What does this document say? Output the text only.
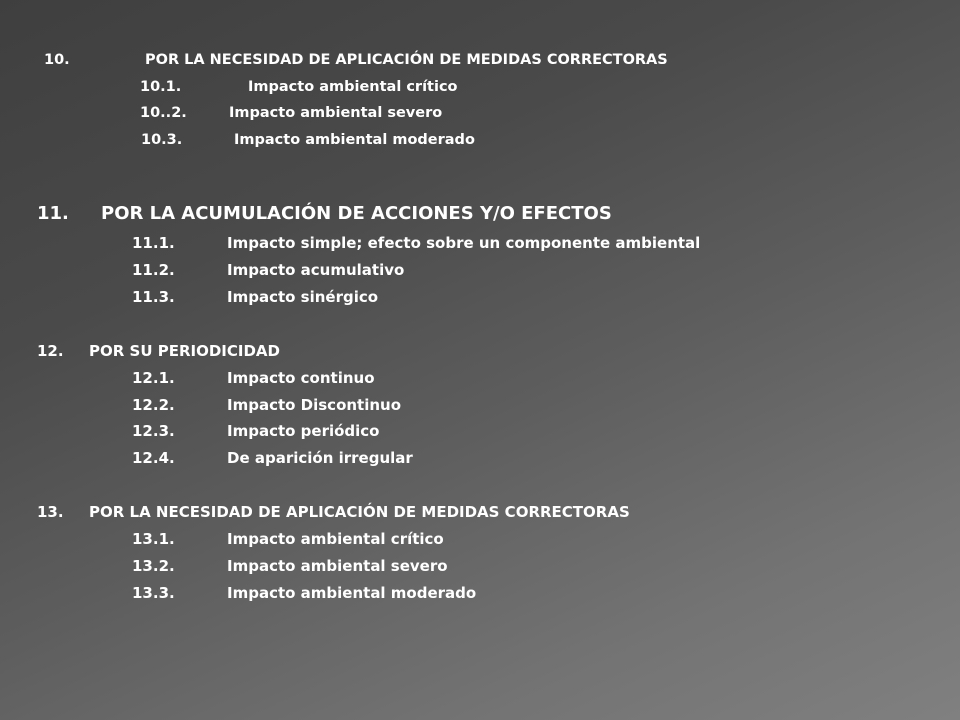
10.	POR LA NECESIDAD DE APLICACIÓN DE MEDIDAS CORRECTORAS
10.1.	Impacto ambiental crítico
10..2.	Impacto ambiental severo
10.3.	Impacto ambiental moderado
11. POR LA ACUMULACIÓN DE ACCIONES Y/O EFECTOS
11.1.	Impacto simple; efecto sobre un componente ambiental
11.2.	Impacto acumulativo
11.3.	Impacto sinérgico
12. POR SU PERIODICIDAD
12.1.	Impacto continuo
12.2.	Impacto Discontinuo
12.3.	Impacto periódico
12.4.	De aparición irregular
13. POR LA NECESIDAD DE APLICACIÓN DE MEDIDAS CORRECTORAS
13.1.	Impacto ambiental crítico
13.2.	Impacto ambiental severo
13.3.	Impacto ambiental moderado
